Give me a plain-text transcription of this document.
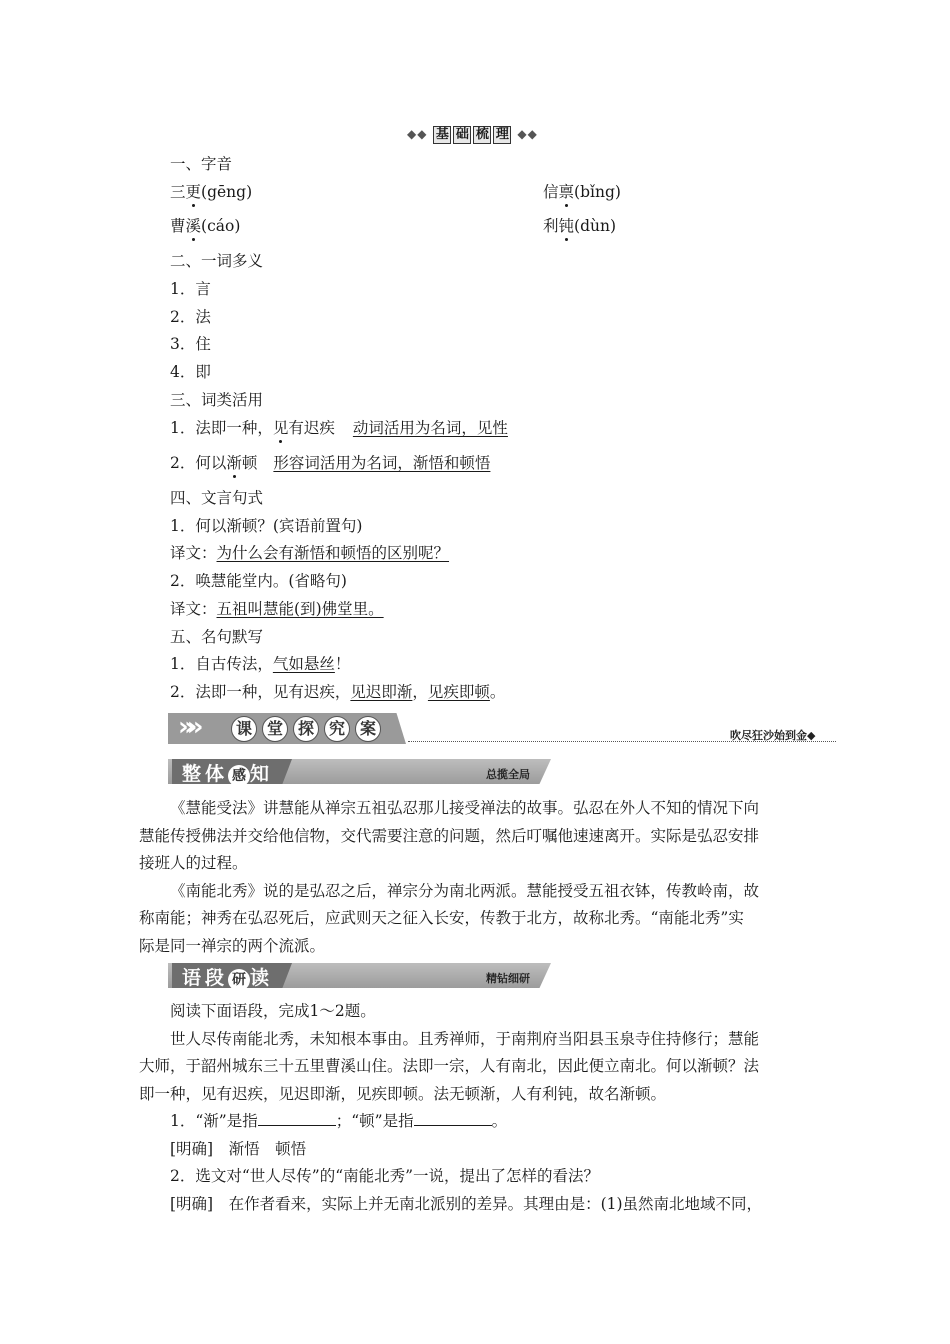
◆◆ 基 础 梳 理 ◆◆
一、字音
三更(gēng)	信禀(bǐng)
曹溪(cáo)	利钝(dùn)
二、一词多义
1．言
2．法
3．住
4．即
三、词类活用
1．法即一种，见有迟疾 动词活用为名词，见性
2．何以渐顿 形容词活用为名词，渐悟和顿悟
四、文言句式
1．何以渐顿？(宾语前置句)
译文：为什么会有渐悟和顿悟的区别呢？
2．唤慧能堂内。(省略句)
译文：五祖叫慧能(到)佛堂里。
五、名句默写
1．自古传法，气如悬丝！
2．法即一种，见有迟疾，见迟即渐，见疾即顿。
»»	课 堂 探 究 案	吹尽狂沙始到金◆
整体 感 知	总揽全局
《慧能受法》讲慧能从禅宗五祖弘忍那儿接受禅法的故事。弘忍在外人不知的情况下向
慧能传授佛法并交给他信物，交代需要注意的问题，然后叮嘱他速速离开。实际是弘忍安排
接班人的过程。
《南能北秀》说的是弘忍之后，禅宗分为南北两派。慧能授受五祖衣钵，传教岭南，故
称南能；神秀在弘忍死后，应武则天之征入长安，传教于北方，故称北秀。“南能北秀”实
际是同一禅宗的两个流派。
语段 研 读	精钻细研
阅读下面语段，完成1～2题。
世人尽传南能北秀，未知根本事由。且秀禅师，于南荆府当阳县玉泉寺住持修行；慧能
大师，于韶州城东三十五里曹溪山住。法即一宗，人有南北，因此便立南北。何以渐顿？法
即一种，见有迟疾，见迟即渐，见疾即顿。法无顿渐，人有利钝，故名渐顿。
1．“渐”是指	；“顿”是指	。
[明确]　渐悟　顿悟
2．选文对“世人尽传”的“南能北秀”一说，提出了怎样的看法？
[明确]　在作者看来，实际上并无南北派别的差异。其理由是：(1)虽然南北地域不同，
